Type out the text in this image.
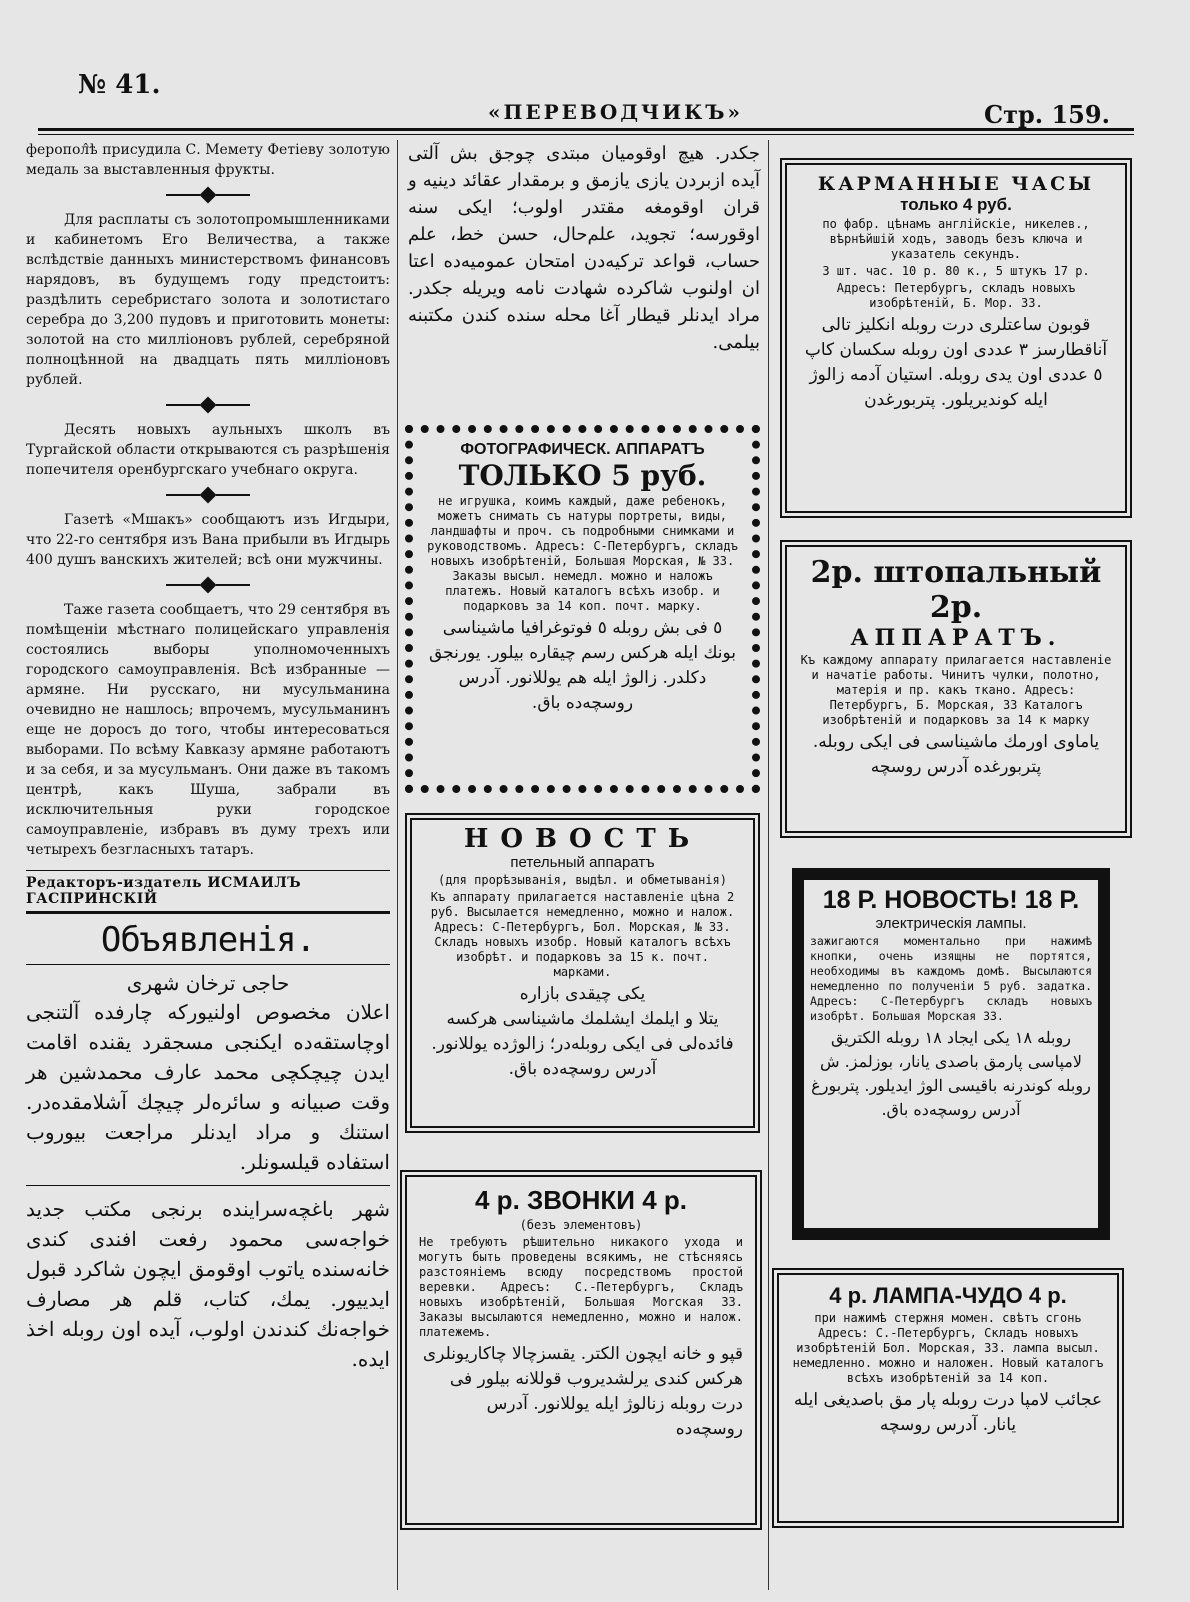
№ 41.
«ПЕРЕВОДЧИКЪ»	Стр. 159.

феропол̂ѣ присудила С. Мемету Фетiеву золотую медаль за выставленныя фрукты.

Для расплаты съ золотопромышленниками и кабинетомъ Его Величества, а также вслѣдствiе данныхъ министерствомъ финансовъ нарядовъ, въ будущемъ году предстоитъ: раздѣлить серебристаго золота и золотистаго серебра до 3,200 пудовъ и приготовить монеты: золотой на сто миллiоновъ рублей, серебряной полноцѣнной на двадцать пять миллiоновъ рублей.

Десять новыхъ аульныхъ школъ въ Тургайской области открываются съ разрѣшенiя попечителя оренбургскаго учебнаго округа.

Газетѣ «Мшакъ» сообщаютъ изъ Игдыри, что 22-го сентября изъ Вана прибыли въ Игдырь 400 душъ ванскихъ жителей; всѣ они мужчины.

Таже газета сообщаетъ, что 29 сентября въ помѣщенiи мѣстнаго полицейскаго управленiя состоялись выборы уполномоченныхъ городского самоуправленiя. Всѣ избранные — армяне. Ни русскаго, ни мусульманина очевидно не нашлось; впрочемъ, мусульманинъ еще не доросъ до того, чтобы интересоваться выборами. По всѣму Кавказу армяне работаютъ и за себя, и за мусульманъ. Они даже въ такомъ центрѣ, какъ Шуша, забрали въ исключительныя руки городское самоуправленiе, избравъ въ думу трехъ или четырехъ безгласныхъ татаръ.

Редакторъ-издатель ИСМАИЛЪ ГАСПРИНСКIЙ

Объявленiя.

حاجی ترخان شهری

اعلان مخصوص اولنیورکه چارفده آلتنجی اوچاستقه‌ده ایکنجی مسجقرد یقنده اقامت ایدن چیچکچی محمد عارف محمدشین هر وقت صبیانه و سائره‌لر چیچك آشلامقده‌در. استنك و مراد ایدنلر مراجعت بیوروب استفاده قیلسونلر.

شهر باغچه‌سراینده برنجی مکتب جدید خواجه‌سی محمود رفعت افندی کندی خانه‌سنده یاتوب اوقومق ایچون شاکرد قبول ایدییور. یمك، کتاب، قلم هر مصارف خواجه‌نك کندندن اولوب، آیده اون روبله اخذ ایده.

جکدر. هیچ اوقومیان مبتدی چوجق بش آلتی آیده ازبردن یازی یازمق و برمقدار عقائد دینیه و قران اوقومغه مقتدر اولوب؛ ایکی سنه اوقورسه؛ تجوید، علم‌حال، حسن خط، علم حساب، قواعد ترکیه‌دن امتحان عمومیه‌ده اعتا ان اولنوب شاکرده شهادت نامه ویریله جکدر. مراد ایدنلر قیطار آغا محله سنده کندن مکتبنه بیلمی.

ФОТОГРАФИЧЕСК. АППАРАТЪ

ТОЛЬКО 5 руб.

не игрушка, коимъ каждый, даже ребенокъ, можетъ снимать съ натуры портреты, виды, ландшафты и проч. съ подробными снимками и руководствомъ. Адресъ: С-Петербургъ, складъ новыхъ изобрѣтенiй, Большая Морская, № 33. Заказы высыл. немедл. можно и наложъ платежъ. Новый каталогъ всѣхъ изобр. и подарковъ за 14 коп. почт. марку.

٥ فی بش روبله ٥ فوتوغرافیا ماشیناسی بونك ایله هرکس رسم چیقاره بیلور. یورنجق دکلدر. زالوژ ایله هم یوللانور. آدرس روسچه‌ده باق.

НОВОСТЬ

петельный аппаратъ

(для прорѣзыванiя, выдѣл. и обметыванiя)

Къ аппарату прилагается наставленiе цѣна 2 руб. Высылается немедленно, можно и налож. Адресъ: С-Петербургъ, Бол. Морская, № 33. Складъ новыхъ изобр. Новый каталогъ всѣхъ изобрѣт. и подарковъ за 15 к. почт. марками.

یکی چیقدی بازاره

یتلا و ایلمك ایشلمك ماشیناسی هرکسه فائده‌لی فی ایکی روبله‌در؛ زالوژده یوللانور. آدرس روسچه‌ده باق.

4 р. ЗВОНКИ 4 р.

(безъ элементовъ)

Не требуютъ рѣшительно никакого ухода и могутъ быть проведены всякимъ, не стѣсняясь разстоянiемъ всюду посредствомъ простой веревки. Адресъ: С.-Петербургъ, Складъ новыхъ изобрѣтенiй, Большая Morская 33. Заказы высылаются немедленно, можно и налож. платежемъ.

قپو و خانه ایچون الکتر. یقسزچالا چاکاریونلری هرکس کندی یرلشدیروب قوللانه بیلور فی درت روبله زنالوژ ایله یوللانور. آدرس روسچه‌ده

КАРМАННЫЕ ЧАСЫ

только 4 руб.

по фабр. цѣнамъ англiйскiе, никелев., вѣрнѣйшiй ходъ, заводъ безъ ключа и указатель секундъ.

3 шт. час. 10 р. 80 к., 5 штукъ 17 р.

Адресъ: Петербургъ, складъ новыхъ изобрѣтенiй, Б. Мор. 33.

قوبون ساعتلری درت روبله انکلیز تالی آناقطارسز ٣ عددی اون روبله سکسان کاپ ٥ عددی اون یدی روبله. استیان آدمه زالوژ ایله کوندیریلور. پتربورغدن

2р. штопальный 2р.

АППАРАТЪ.

Къ каждому аппарату прилагается наставленiе и начатiе работы. Чинитъ чулки, полотно, матерiя и пр. какъ ткано. Адресъ: Петербургъ, Б. Морская, 33 Каталогъ изобрѣтенiй и подарковъ за 14 к марку

یاماوی اورمك ماشیناسی فی ایکی روبله. پتربورغده آدرس روسچه

18 Р. НОВОСТЬ! 18 Р.

электрическiя лампы.

зажигаются моментально при нажимѣ кнопки, очень изящны не портятся, необходимы въ каждомъ домѣ. Высылаются немедленно по полученiи 5 руб. задатка. Адресъ: С-Петербургъ складъ новыхъ изобрѣт. Большая Морская 33.

روبله ١٨ یکی ایجاد ١٨ روبله الکتریق لامپاسی پارمق باصدی یانار، بوزلمز. ش روبله کوندرنه باقیسی الوژ ایدیلور. پتربورغ آدرس روسچه‌ده باق.

4 р. ЛАМПА-ЧУДО 4 р.

при нажимѣ стержня момен. свѣтъ сгонь Адресъ: С.-Петербургъ, Складъ новыхъ изобрѣтенiй Бол. Морская, 33. лампа высыл. немедленно. можно и наложен. Новый каталогъ всѣхъ изобрѣтенiй за 14 коп.

عجائب لامپا درت روبله پار مق باصدیغی ایله یانار. آدرس روسچه
